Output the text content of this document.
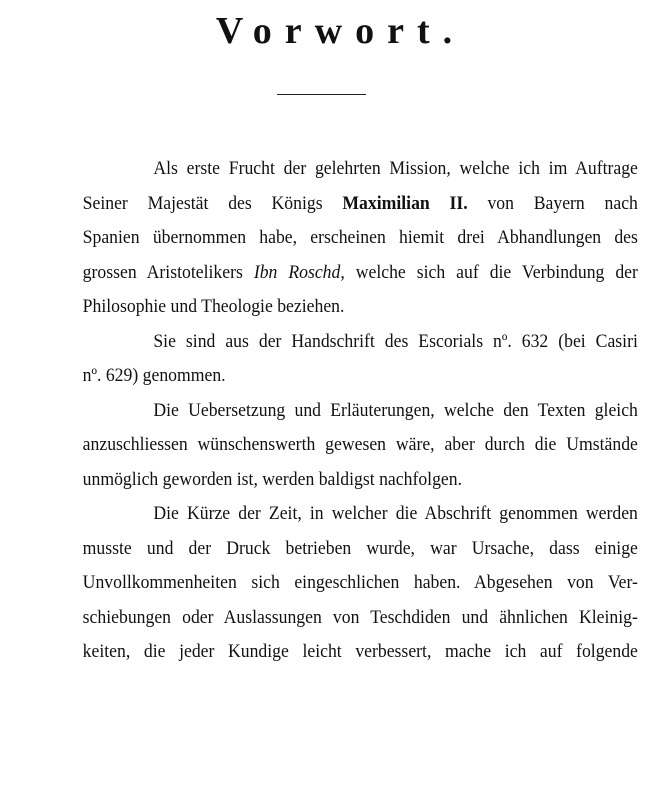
Vorwort.
Als erste Frucht der gelehrten Mission, welche ich im Auftrage
Seiner Majestät des Königs Maximilian II. von Bayern nach
Spanien übernommen habe, erscheinen hiemit drei Abhandlungen des
grossen Aristotelikers Ibn Roschd, welche sich auf die Verbindung der
Philosophie und Theologie beziehen.
Sie sind aus der Handschrift des Escorials nº. 632 (bei Casiri
nº. 629) genommen.
Die Uebersetzung und Erläuterungen, welche den Texten gleich
anzuschliessen wünschenswerth gewesen wäre, aber durch die Umstände
unmöglich geworden ist, werden baldigst nachfolgen.
Die Kürze der Zeit, in welcher die Abschrift genommen werden
musste und der Druck betrieben wurde, war Ursache, dass einige
Unvollkommenheiten sich eingeschlichen haben. Abgesehen von Ver-
schiebungen oder Auslassungen von Teschdiden und ähnlichen Kleinig-
keiten, die jeder Kundige leicht verbessert, mache ich auf folgende
